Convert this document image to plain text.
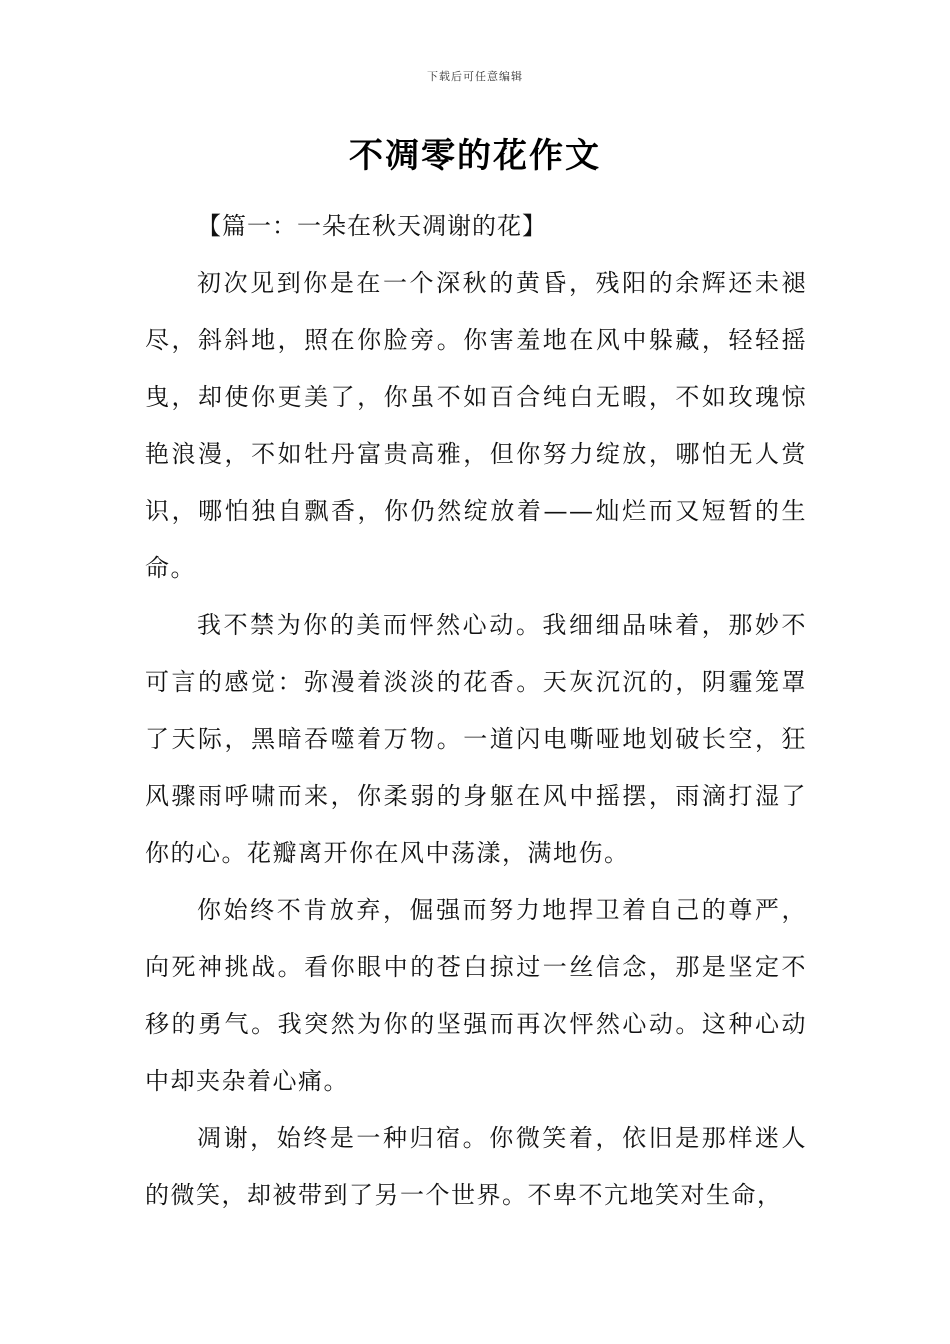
下载后可任意编辑
不凋零的花作文

【篇一：一朵在秋天凋谢的花】

初次见到你是在一个深秋的黄昏，残阳的余辉还未褪尽，斜斜地，照在你脸旁。你害羞地在风中躲藏，轻轻摇曳，却使你更美了，你虽不如百合纯白无暇，不如玫瑰惊艳浪漫，不如牡丹富贵高雅，但你努力绽放，哪怕无人赏识，哪怕独自飘香，你仍然绽放着——灿烂而又短暂的生命。

我不禁为你的美而怦然心动。我细细品味着，那妙不可言的感觉：弥漫着淡淡的花香。天灰沉沉的，阴霾笼罩了天际，黑暗吞噬着万物。一道闪电嘶哑地划破长空，狂风骤雨呼啸而来，你柔弱的身躯在风中摇摆，雨滴打湿了你的心。花瓣离开你在风中荡漾，满地伤。

你始终不肯放弃，倔强而努力地捍卫着自己的尊严，向死神挑战。看你眼中的苍白掠过一丝信念，那是坚定不移的勇气。我突然为你的坚强而再次怦然心动。这种心动中却夹杂着心痛。

凋谢，始终是一种归宿。你微笑着，依旧是那样迷人的微笑，却被带到了另一个世界。不卑不亢地笑对生命，
